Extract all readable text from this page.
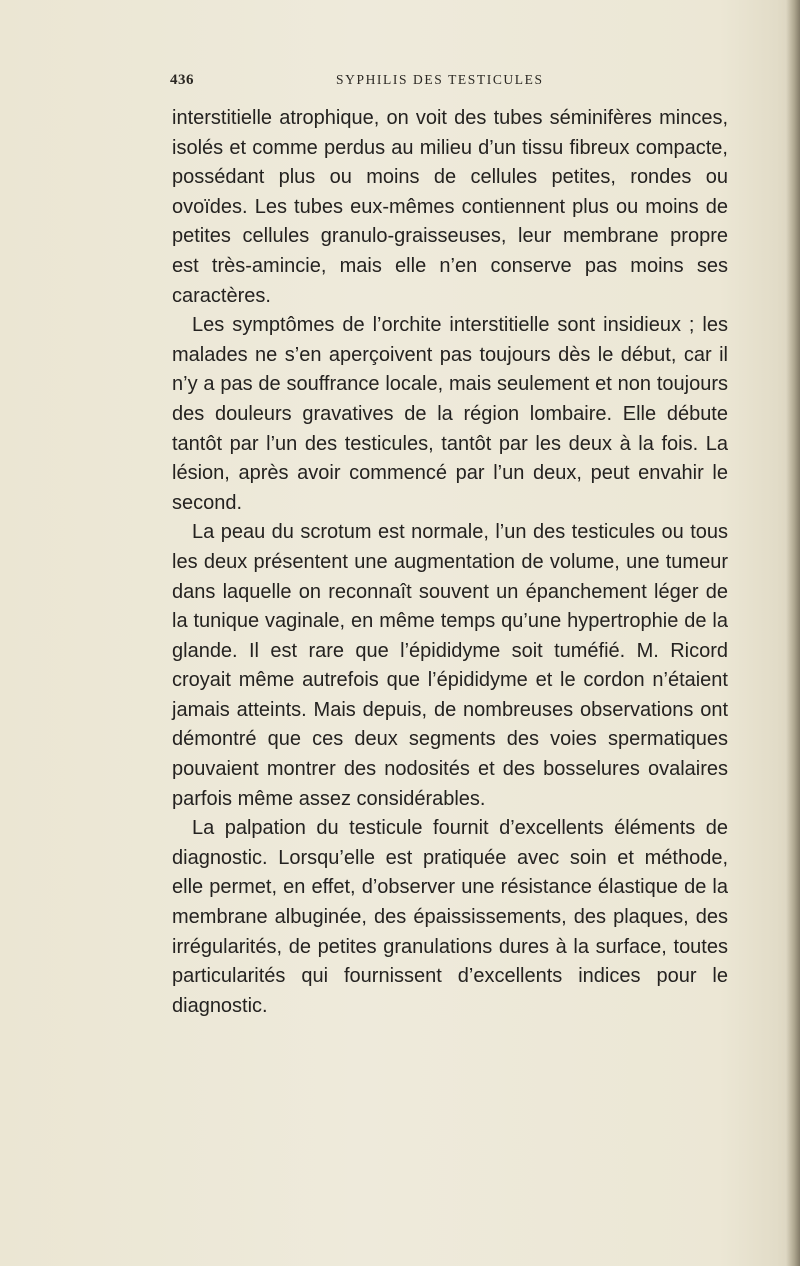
436	SYPHILIS DES TESTICULES

interstitielle atrophique, on voit des tubes séminifères minces, isolés et comme perdus au milieu d’un tissu fibreux compacte, possédant plus ou moins de cellules petites, rondes ou ovoïdes. Les tubes eux-mêmes contiennent plus ou moins de petites cellules granulo-graisseuses, leur membrane propre est très-amincie, mais elle n’en conserve pas moins ses caractères.

Les symptômes de l’orchite interstitielle sont insidieux ; les malades ne s’en aperçoivent pas toujours dès le début, car il n’y a pas de souffrance locale, mais seulement et non toujours des douleurs gravatives de la région lombaire. Elle débute tantôt par l’un des testicules, tantôt par les deux à la fois. La lésion, après avoir commencé par l’un deux, peut envahir le second.

La peau du scrotum est normale, l’un des testicules ou tous les deux présentent une augmentation de volume, une tumeur dans laquelle on reconnaît souvent un épanchement léger de la tunique vaginale, en même temps qu’une hypertrophie de la glande. Il est rare que l’épididyme soit tuméfié. M. Ricord croyait même autrefois que l’épididyme et le cordon n’étaient jamais atteints. Mais depuis, de nombreuses observations ont démontré que ces deux segments des voies spermatiques pouvaient montrer des nodosités et des bosselures ovalaires parfois même assez considérables.

La palpation du testicule fournit d’excellents éléments de diagnostic. Lorsqu’elle est pratiquée avec soin et méthode, elle permet, en effet, d’observer une résistance élastique de la membrane albuginée, des épaississements, des plaques, des irrégularités, de petites granulations dures à la surface, toutes particularités qui fournissent d’excellents indices pour le diagnostic.
